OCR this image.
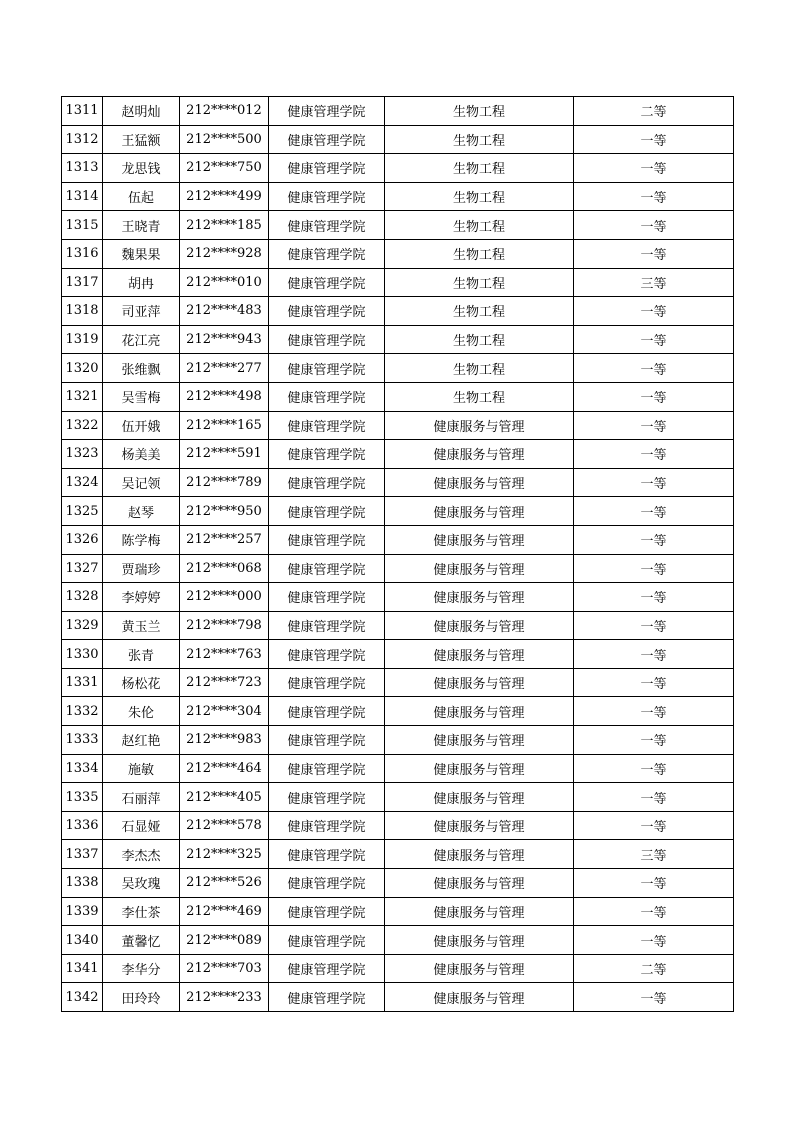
1311	赵明灿	212****012	健康管理学院	生物工程	二等
1312	王猛额	212****500	健康管理学院	生物工程	一等
1313	龙思钱	212****750	健康管理学院	生物工程	一等
1314	伍起	212****499	健康管理学院	生物工程	一等
1315	王晓青	212****185	健康管理学院	生物工程	一等
1316	魏果果	212****928	健康管理学院	生物工程	一等
1317	胡冉	212****010	健康管理学院	生物工程	三等
1318	司亚萍	212****483	健康管理学院	生物工程	一等
1319	花江亮	212****943	健康管理学院	生物工程	一等
1320	张维飘	212****277	健康管理学院	生物工程	一等
1321	吴雪梅	212****498	健康管理学院	生物工程	一等
1322	伍开娥	212****165	健康管理学院	健康服务与管理	一等
1323	杨美美	212****591	健康管理学院	健康服务与管理	一等
1324	吴记领	212****789	健康管理学院	健康服务与管理	一等
1325	赵琴	212****950	健康管理学院	健康服务与管理	一等
1326	陈学梅	212****257	健康管理学院	健康服务与管理	一等
1327	贾瑞珍	212****068	健康管理学院	健康服务与管理	一等
1328	李婷婷	212****000	健康管理学院	健康服务与管理	一等
1329	黄玉兰	212****798	健康管理学院	健康服务与管理	一等
1330	张青	212****763	健康管理学院	健康服务与管理	一等
1331	杨松花	212****723	健康管理学院	健康服务与管理	一等
1332	朱伦	212****304	健康管理学院	健康服务与管理	一等
1333	赵红艳	212****983	健康管理学院	健康服务与管理	一等
1334	施敏	212****464	健康管理学院	健康服务与管理	一等
1335	石丽萍	212****405	健康管理学院	健康服务与管理	一等
1336	石显娅	212****578	健康管理学院	健康服务与管理	一等
1337	李杰杰	212****325	健康管理学院	健康服务与管理	三等
1338	吴玫瑰	212****526	健康管理学院	健康服务与管理	一等
1339	李仕茶	212****469	健康管理学院	健康服务与管理	一等
1340	董馨忆	212****089	健康管理学院	健康服务与管理	一等
1341	李华分	212****703	健康管理学院	健康服务与管理	二等
1342	田玲玲	212****233	健康管理学院	健康服务与管理	一等
